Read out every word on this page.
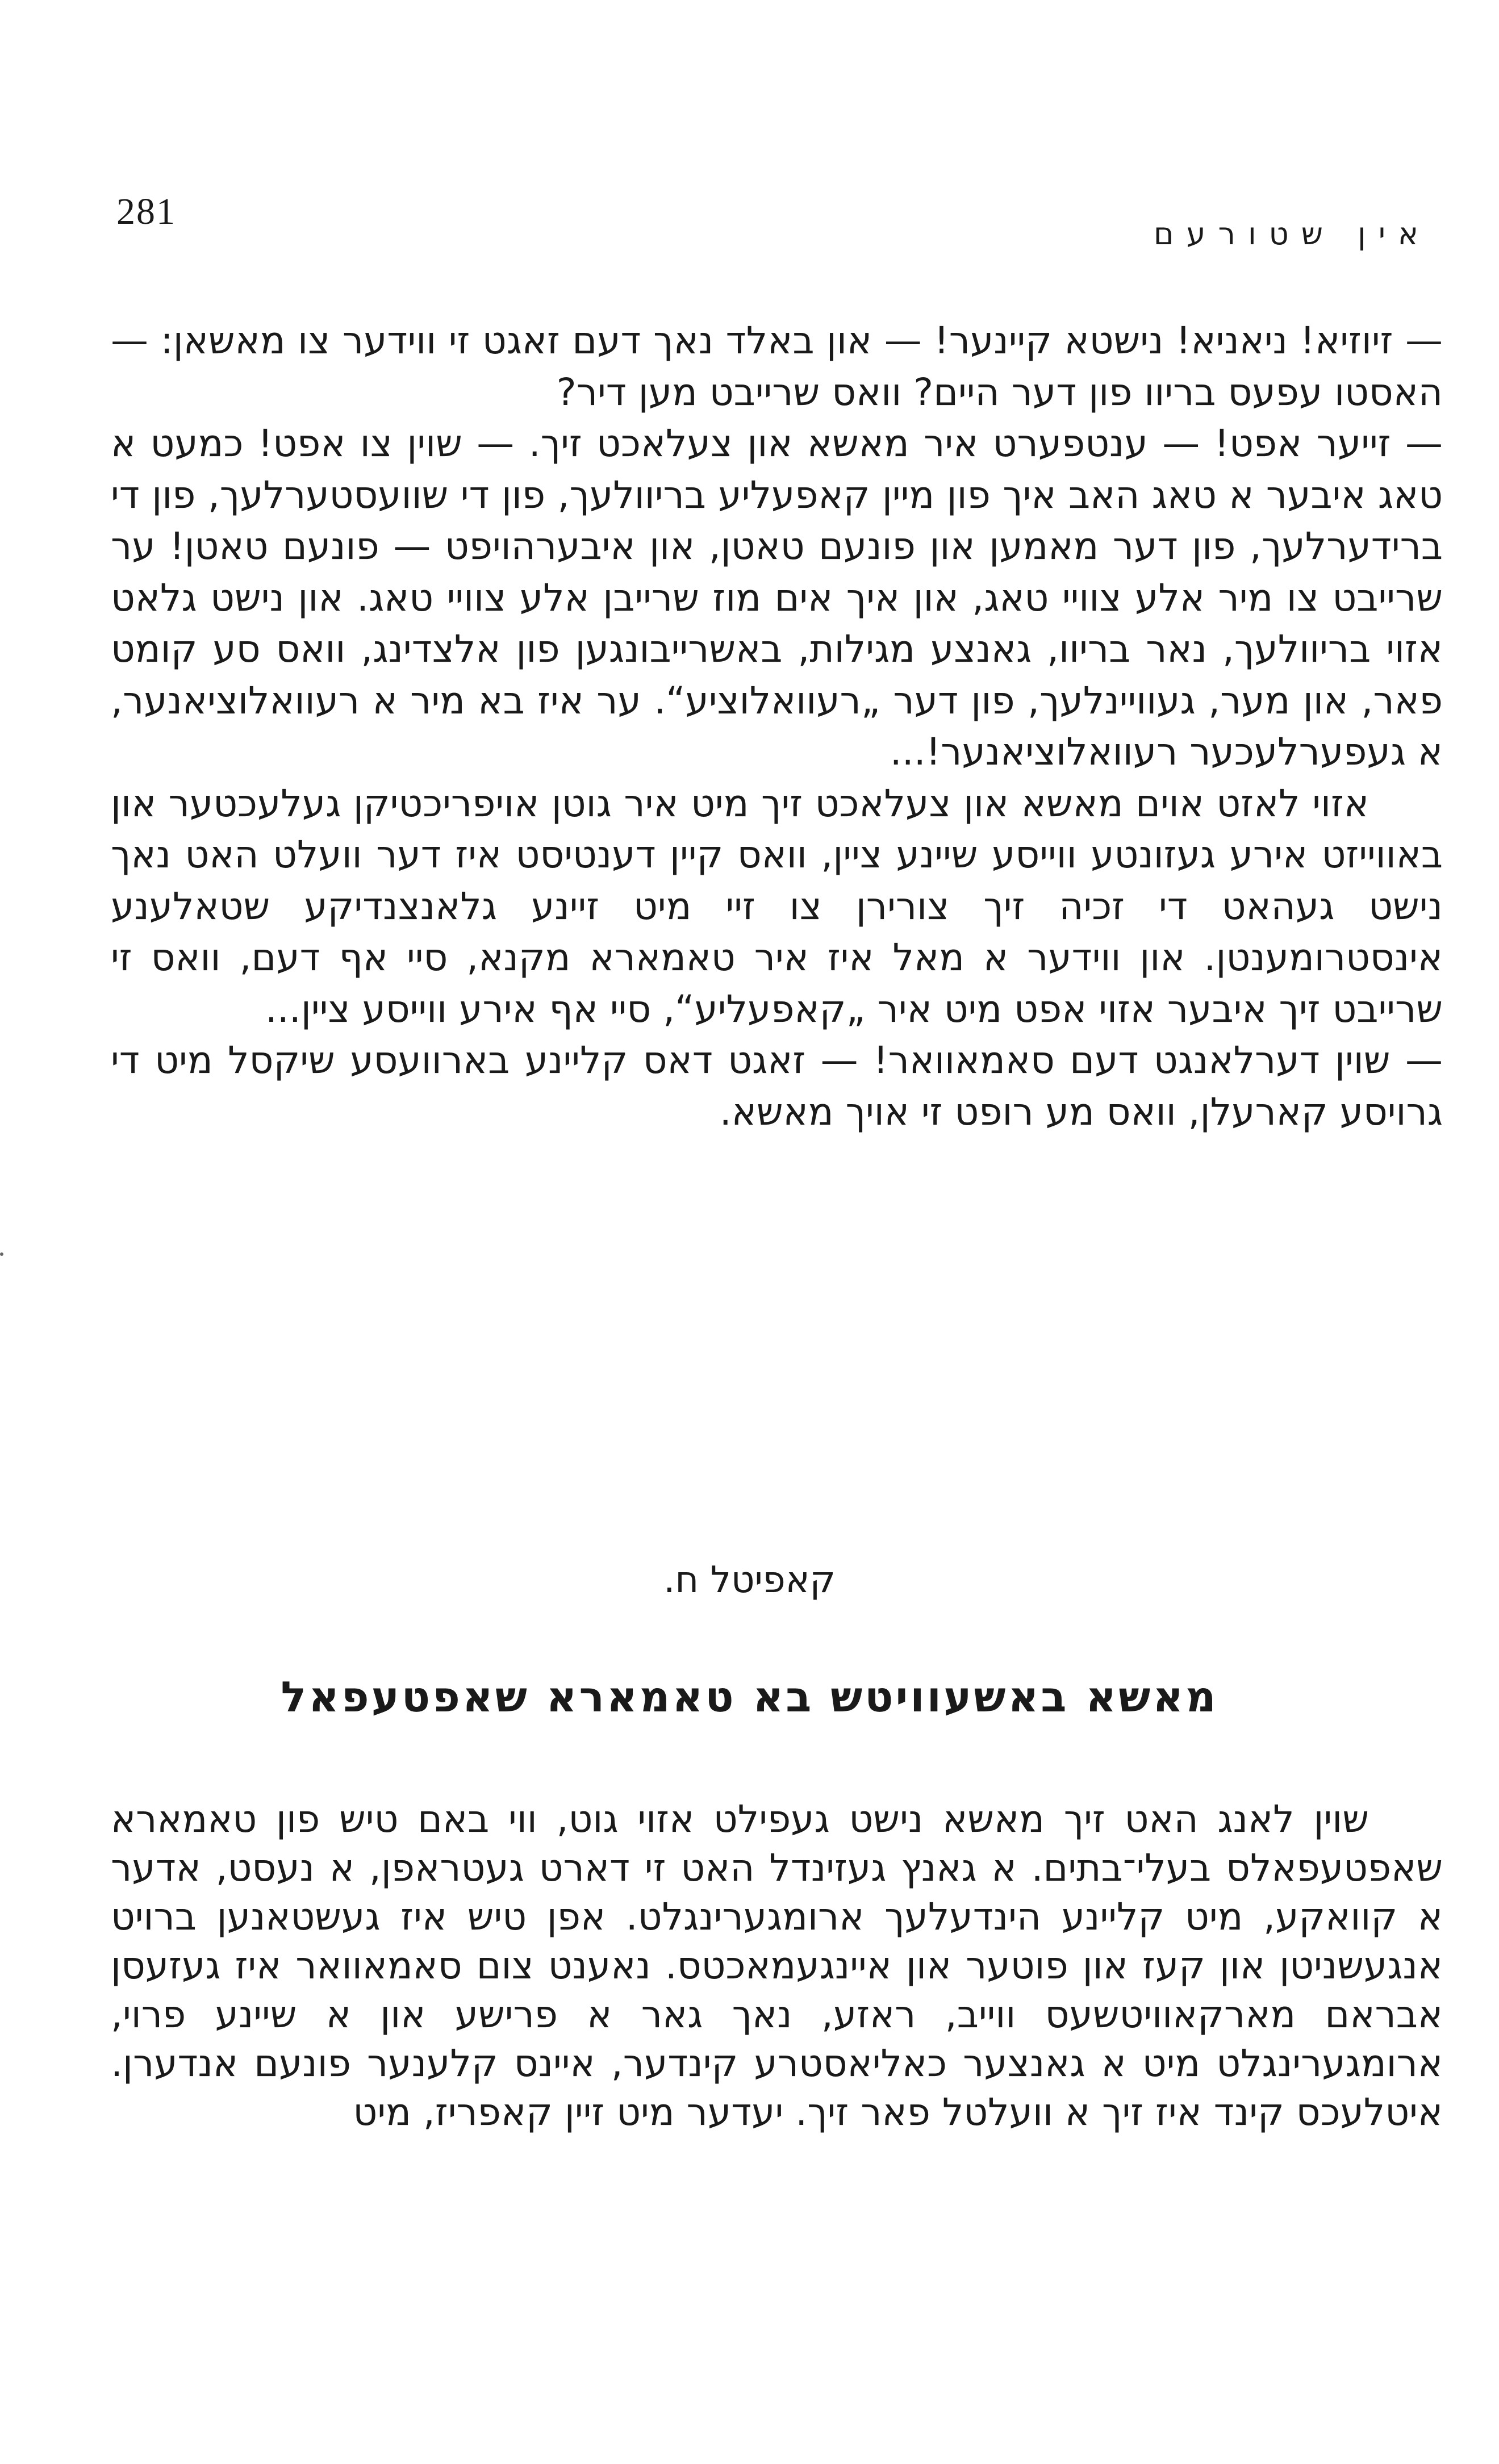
281
אין שטורעם

— זיוזיא! ניאניא! נישטא קיינער! — און באלד נאך דעם זאגט זי ווידער צו מאשאן: — האסטו עפעס בריוו פון דער היים? וואס שרייבט מען דיר?

— זייער אפט! — ענטפערט איר מאשא און צעלאכט זיך. — שוין צו אפט! כמעט א טאג איבער א טאג האב איך פון מיין קאפעליע בריוולעך, פון די שוועסטערלעך, פון די ברידערלעך, פון דער מאמען און פונעם טאטן, און איבערהויפט — פונעם טאטן! ער שרייבט צו מיר אלע צוויי טאג, און איך אים מוז שרייבן אלע צוויי טאג. און נישט גלאט אזוי בריוולעך, נאר בריוו, גאנצע מגילות, באשרייבונגען פון אלצדינג, וואס סע קומט פאר, און מער, געוויינלעך, פון דער „רעוואלוציע“. ער איז בא מיר א רעוואלוציאנער, א געפערלעכער רעוואלוציאנער!...

אזוי לאזט אוים מאשא און צעלאכט זיך מיט איר גוטן אויפריכטיקן געלעכטער און באווייזט אירע געזונטע ווייסע שיינע ציין, וואס קיין דענטיסט איז דער וועלט האט נאך נישט געהאט די זכיה זיך צורירן צו זיי מיט זיינע גלאנצנדיקע שטאלענע אינסטרומענטן. און ווידער א מאל איז איר טאמארא מקנא, סיי אף דעם, וואס זי שרייבט זיך איבער אזוי אפט מיט איר „קאפעליע“, סיי אף אירע ווייסע ציין...

— שוין דערלאנגט דעם סאמאוואר! — זאגט דאס קליינע בארוועסע שיקסל מיט די גרויסע קארעלן, וואס מע רופט זי אויך מאשא.

קאפיטל ח.
מאשא באשעוויטש בא טאמארא שאפטעפאל

שוין לאנג האט זיך מאשא נישט געפילט אזוי גוט, ווי באם טיש פון טאמארא שאפטעפאלס בעלי־בתים. א גאנץ געזינדל האט זי דארט געטראפן, א נעסט, אדער א קוואקע, מיט קליינע הינדעלעך ארומגערינגלט. אפן טיש איז געשטאנען ברויט אנגעשניטן און קעז און פוטער און איינגעמאכטס. נאענט צום סאמאוואר איז געזעסן אבראם מארקאוויטשעס ווייב, ראזע, נאך גאר א פרישע און א שיינע פרוי, ארומגערינגלט מיט א גאנצער כאליאסטרע קינדער, איינס קלענער פונעם אנדערן. איטלעכס קינד איז זיך א וועלטל פאר זיך. יעדער מיט זיין קאפריז, מיט
